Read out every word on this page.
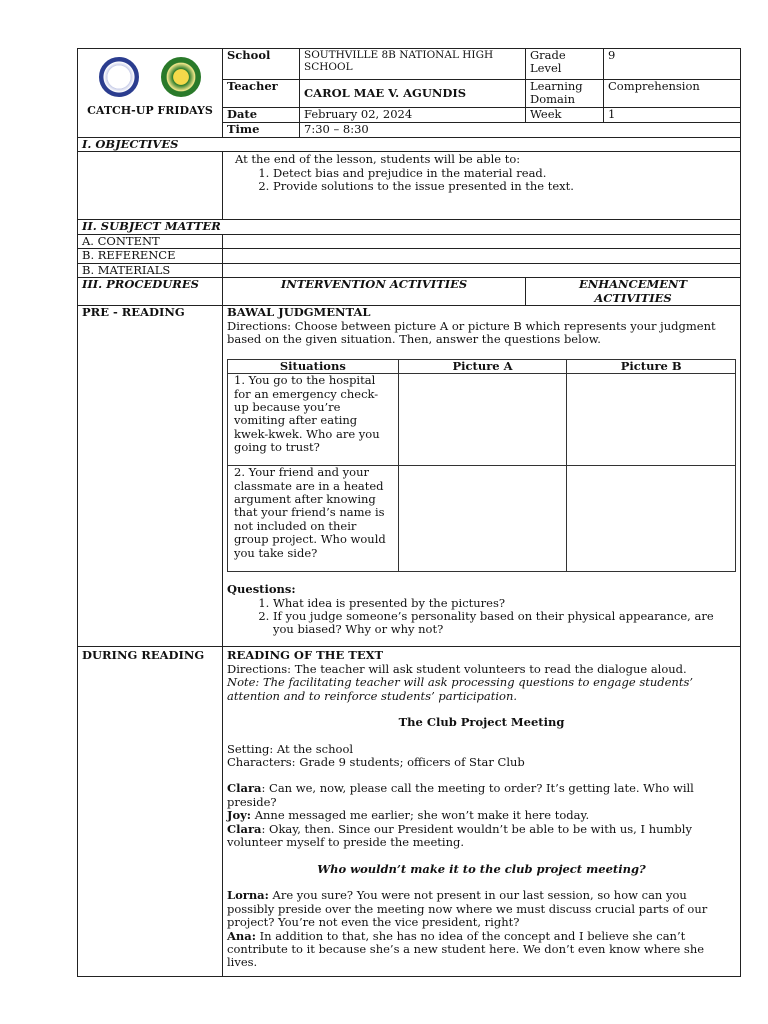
CATCH-UP FRIDAYS
	School	SOUTHVILLE 8B NATIONAL HIGH SCHOOL	Grade Level	9
Teacher	CAROL MAE V. AGUNDIS	Learning Domain	Comprehension
Date	February 02, 2024	Week	1
Time	7:30 – 8:30
I. OBJECTIVES

At the end of the lesson, students will be able to:

1. Detect bias and prejudice in the material read.
2. Provide solutions to the issue presented in the text.

II. SUBJECT MATTER
A. CONTENT	
B. REFERENCE	
B. MATERIALS	
III. PROCEDURES	INTERVENTION ACTIVITIES	ENHANCEMENT ACTIVITIES
PRE - READING	BAWAL JUDGMENTAL

Directions: Choose between picture A or picture B which represents your judgment based on the given situation. Then, answer the questions below.

Situations	Picture A	Picture B
1. You go to the hospital for an emergency check-up because you’re vomiting after eating kwek-kwek. Who are you going to trust?		
2. Your friend and your classmate are in a heated argument after knowing that your friend’s name is not included on their group project. Who would you take side?		

Questions:

1. What idea is presented by the pictures?
2. If you judge someone’s personality based on their physical appearance, are you biased? Why or why not?

DURING READING	READING OF THE TEXT

Directions: The teacher will ask student volunteers to read the dialogue aloud.

Note: The facilitating teacher will ask processing questions to engage students’ attention and to reinforce students’ participation.

The Club Project Meeting

Setting: At the school

Characters: Grade 9 students; officers of Star Club

Clara: Can we, now, please call the meeting to order? It’s getting late. Who will preside?

Joy: Anne messaged me earlier; she won’t make it here today.

Clara: Okay, then. Since our President wouldn’t be able to be with us, I humbly volunteer myself to preside the meeting.

Who wouldn’t make it to the club project meeting?

Lorna: Are you sure? You were not present in our last session, so how can you possibly preside over the meeting now where we must discuss crucial parts of our project? You’re not even the vice president, right?

Ana: In addition to that, she has no idea of the concept and I believe she can’t contribute to it because she’s a new student here. We don’t even know where she lives.
